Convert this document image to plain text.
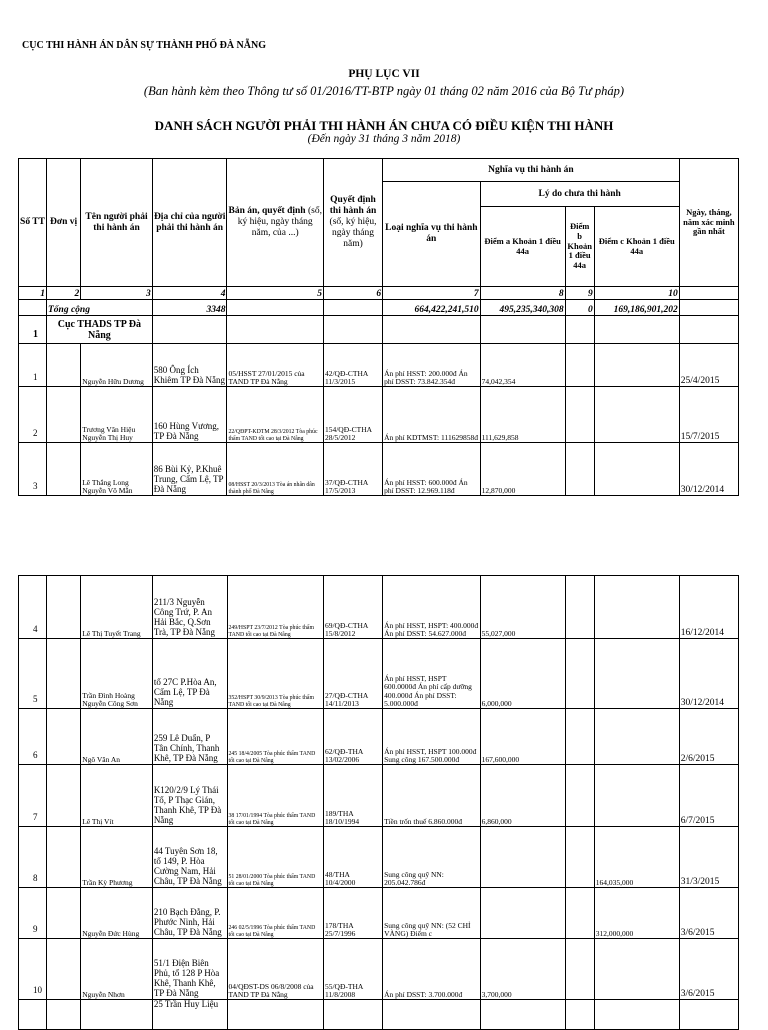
CỤC THI HÀNH ÁN DÂN SỰ THÀNH PHỐ ĐÀ NẴNG
PHỤ LỤC VII
(Ban hành kèm theo Thông tư số 01/2016/TT-BTP ngày 01 tháng 02 năm 2016 của Bộ Tư pháp)
DANH SÁCH NGƯỜI PHẢI THI HÀNH ÁN CHƯA CÓ ĐIỀU KIỆN THI HÀNH
(Đến ngày 31 tháng 3 năm 2018)
Số TT	Đơn vị	Tên người phải thi hành án	Địa chỉ của người phải thi hành án	Bản án, quyết định (số, ký hiệu, ngày tháng năm, của ...)	Quyết định thi hành án (số, ký hiệu, ngày tháng năm)	Nghĩa vụ thi hành án				Ngày, tháng, năm xác minh gần nhất
						Loại nghĩa vụ thi hành án	Lý do chưa thi hành			
							Điểm a Khoản 1 điều 44a	Điểm b Khoản 1 điều 44a	Điểm c Khoản 1 điều 44a	
1	2	3	4	5	6	7	8	9	10	
	Tổng cộng		3348			664,422,241,510	495,235,340,308	0	169,186,901,202	
1	Cục THADS TP Đà Nẵng									
1		Nguyễn Hữu Dương	580 Ông Ích Khiêm TP Đà Nẵng	05/HSST 27/01/2015 của TAND TP Đà Nẵng	42/QĐ-CTHA 11/3/2015	Án phí HSST: 200.000đ Án phí DSST: 73.842.354đ	74,042,354			25/4/2015
2		Trương Văn Hiệu Nguyễn Thị Huy	160 Hùng Vương, TP Đà Nẵng	22/QĐPT-KDTM 28/3/2012 Tòa phúc thẩm TAND tối cao tại Đà Nẵng	154/QĐ-CTHA 28/5/2012	Án phí KDTMST: 111629858đ	111,629,858			15/7/2015
3		Lê Thắng Long Nguyễn Võ Mẫn	86 Bùi Kỷ, P.Khuê Trung, Cẩm Lệ, TP Đà Nẵng	08/HSST 20/3/2013 Tòa án nhân dân thành phố Đà Nẵng	37/QĐ-CTHA 17/5/2013	Án phí HSST: 600.000đ Án phí DSST: 12.969.118đ	12,870,000			30/12/2014
4		Lê Thị Tuyết Trang	211/3 Nguyễn Công Trứ, P. An Hải Bắc, Q.Sơn Trà, TP Đà Nẵng	249/HSPT 23/7/2012 Tòa phúc thẩm TAND tối cao tại Đà Nẵng	69/QĐ-CTHA 15/8/2012	Án phí HSST, HSPT: 400.000đ Án phí DSST: 54.627.000đ	55,027,000			16/12/2014
5		Trần Đình Hoàng Nguyễn Công Sơn	tổ 27C P.Hòa An, Cẩm Lệ, TP Đà Nẵng	352/HSPT 30/9/2013 Tòa phúc thẩm TAND tối cao tại Đà Nẵng	27/QĐ-CTHA 14/11/2013	Án phí HSST, HSPT 600.0000đ Án phí cấp dưỡng 400.000đ Án phí DSST: 5.000.000đ	6,000,000			30/12/2014
6		Ngô Văn An	259 Lê Duẩn, P Tân Chính, Thanh Khê, TP Đà Nẵng	245 18/4/2005 Tòa phúc thẩm TAND tối cao tại Đà Nẵng	62/QĐ-THA 13/02/2006	Án phí HSST, HSPT 100.000đ Sung công 167.500.000đ	167,600,000			2/6/2015
7		Lê Thị Vít	K120/2/9 Lý Thái Tổ, P Thạc Gián, Thanh Khê, TP Đà Nẵng	38 17/01/1994 Tòa phúc thẩm TAND tối cao tại Đà Nẵng	189/THA 18/10/1994	Tiền trốn thuế 6.860.000đ	6,860,000			6/7/2015
8		Trần Kỳ Phương	44 Tuyên Sơn 18, tổ 149, P. Hòa Cường Nam, Hải Châu, TP Đà Nẵng	51 28/01/2000 Tòa phúc thẩm TAND tối cao tại Đà Nẵng	48/THA 10/4/2000	Sung công quỹ NN: 205.042.786đ			164,035,000	31/3/2015
9		Nguyễn Đức Hùng	210 Bạch Đằng, P. Phước Ninh, Hải Châu, TP Đà Nẵng	246 02/5/1996 Tòa phúc thẩm TAND tối cao tại Đà Nẵng	178/THA 25/7/1996	Sung công quỹ NN: (52 CHỈ VÀNG) Điểm c			312,000,000	3/6/2015
10		Nguyễn Nhơn	51/1 Điện Biên Phủ, tổ 128 P Hòa Khê, Thanh Khê, TP Đà Nẵng	04/QĐST-DS 06/8/2008 của TAND TP Đà Nẵng	55/QĐ-THA 11/8/2008	Án phí DSST: 3.700.000đ	3,700,000			3/6/2015
			25 Trần Huy Liệu							
